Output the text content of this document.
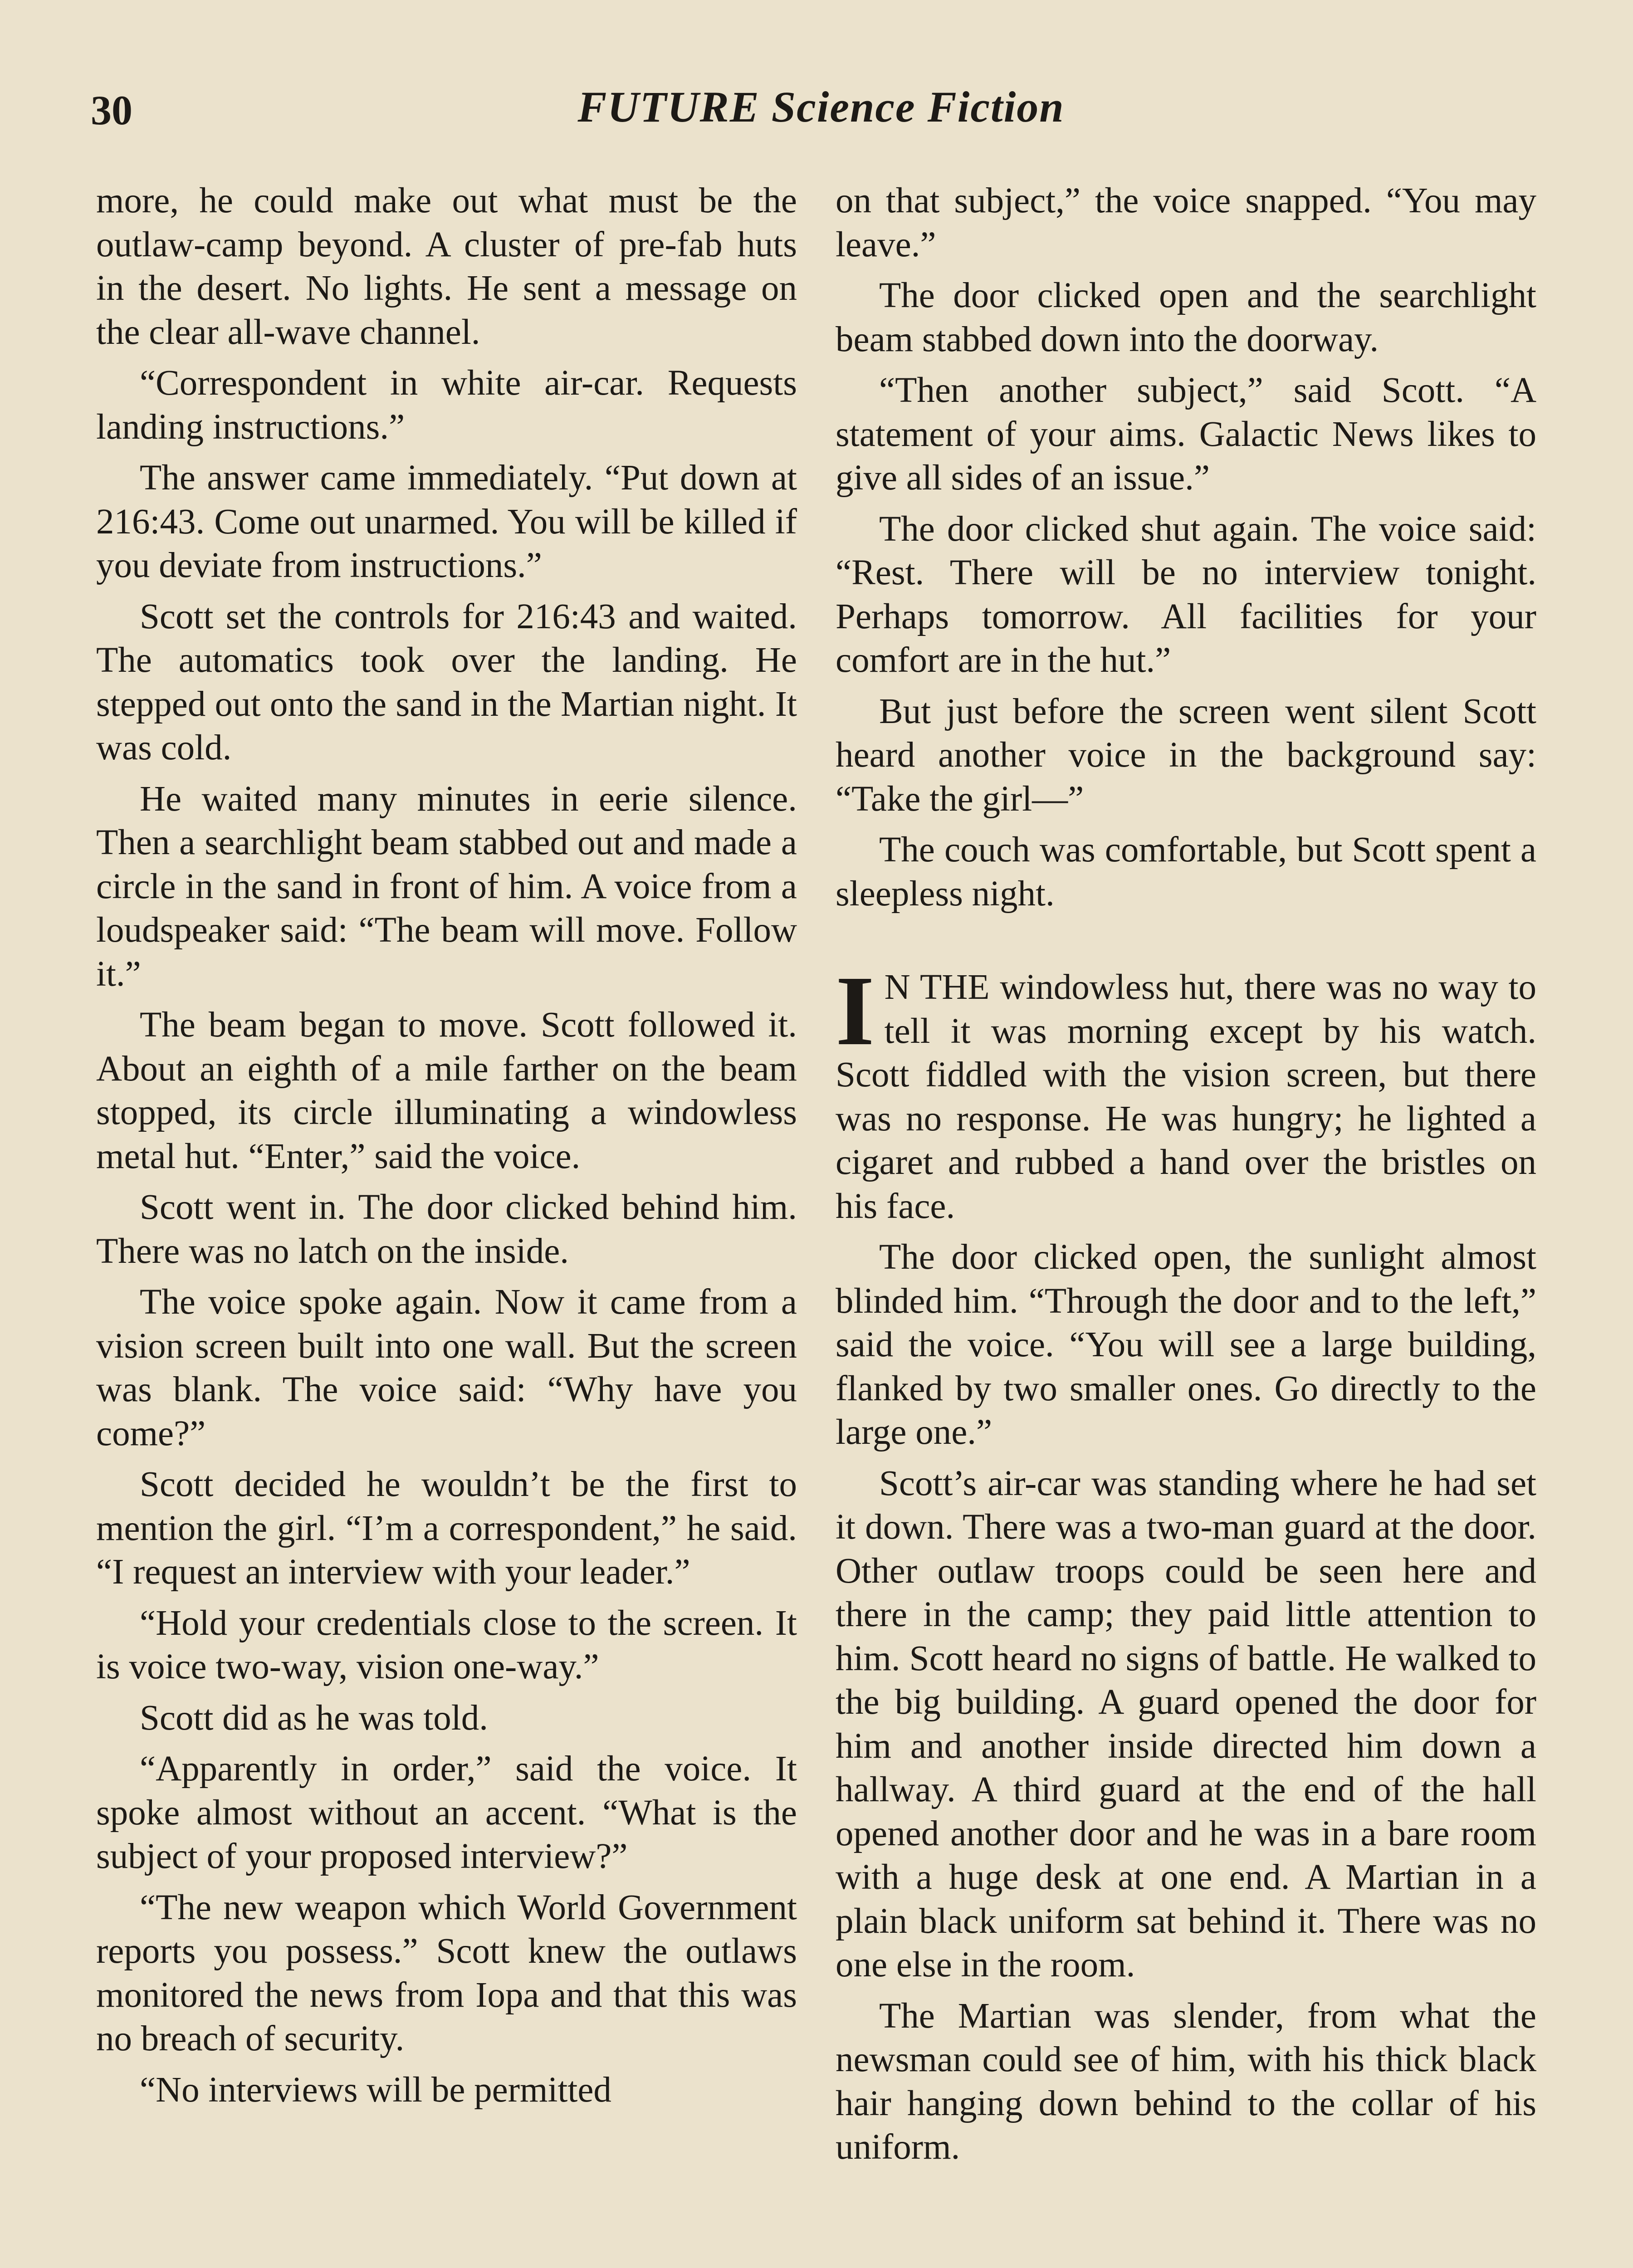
30	FUTURE Science Fiction

more, he could make out what must be the outlaw-camp beyond. A cluster of pre-fab huts in the desert. No lights. He sent a message on the clear all-wave channel.

“Correspondent in white air-car. Requests landing instructions.”

The answer came immediately. “Put down at 216:43. Come out unarmed. You will be killed if you deviate from instructions.”

Scott set the controls for 216:43 and waited. The automatics took over the landing. He stepped out onto the sand in the Martian night. It was cold.

He waited many minutes in eerie silence. Then a searchlight beam stabbed out and made a circle in the sand in front of him. A voice from a loudspeaker said: “The beam will move. Follow it.”

The beam began to move. Scott followed it. About an eighth of a mile farther on the beam stopped, its circle illuminating a windowless metal hut. “Enter,” said the voice.

Scott went in. The door clicked behind him. There was no latch on the inside.

The voice spoke again. Now it came from a vision screen built into one wall. But the screen was blank. The voice said: “Why have you come?”

Scott decided he wouldn’t be the first to mention the girl. “I’m a correspondent,” he said. “I request an interview with your leader.”

“Hold your credentials close to the screen. It is voice two-way, vision one-way.”

Scott did as he was told.

“Apparently in order,” said the voice. It spoke almost without an accent. “What is the subject of your proposed interview?”

“The new weapon which World Government reports you possess.” Scott knew the outlaws monitored the news from Iopa and that this was no breach of security.

“No interviews will be permitted

on that subject,” the voice snapped. “You may leave.”

The door clicked open and the searchlight beam stabbed down into the doorway.

“Then another subject,” said Scott. “A statement of your aims. Galactic News likes to give all sides of an issue.”

The door clicked shut again. The voice said: “Rest. There will be no interview tonight. Perhaps tomorrow. All facilities for your comfort are in the hut.”

But just before the screen went silent Scott heard another voice in the background say: “Take the girl—”

The couch was comfortable, but Scott spent a sleepless night.

I N THE windowless hut, there was no way to tell it was morning except by his watch. Scott fiddled with the vision screen, but there was no response. He was hungry; he lighted a cigaret and rubbed a hand over the bristles on his face.

The door clicked open, the sunlight almost blinded him. “Through the door and to the left,” said the voice. “You will see a large building, flanked by two smaller ones. Go directly to the large one.”

Scott’s air-car was standing where he had set it down. There was a two-man guard at the door. Other outlaw troops could be seen here and there in the camp; they paid little attention to him. Scott heard no signs of battle. He walked to the big building. A guard opened the door for him and another inside directed him down a hallway. A third guard at the end of the hall opened another door and he was in a bare room with a huge desk at one end. A Martian in a plain black uniform sat behind it. There was no one else in the room.

The Martian was slender, from what the newsman could see of him, with his thick black hair hanging down behind to the collar of his uniform.
